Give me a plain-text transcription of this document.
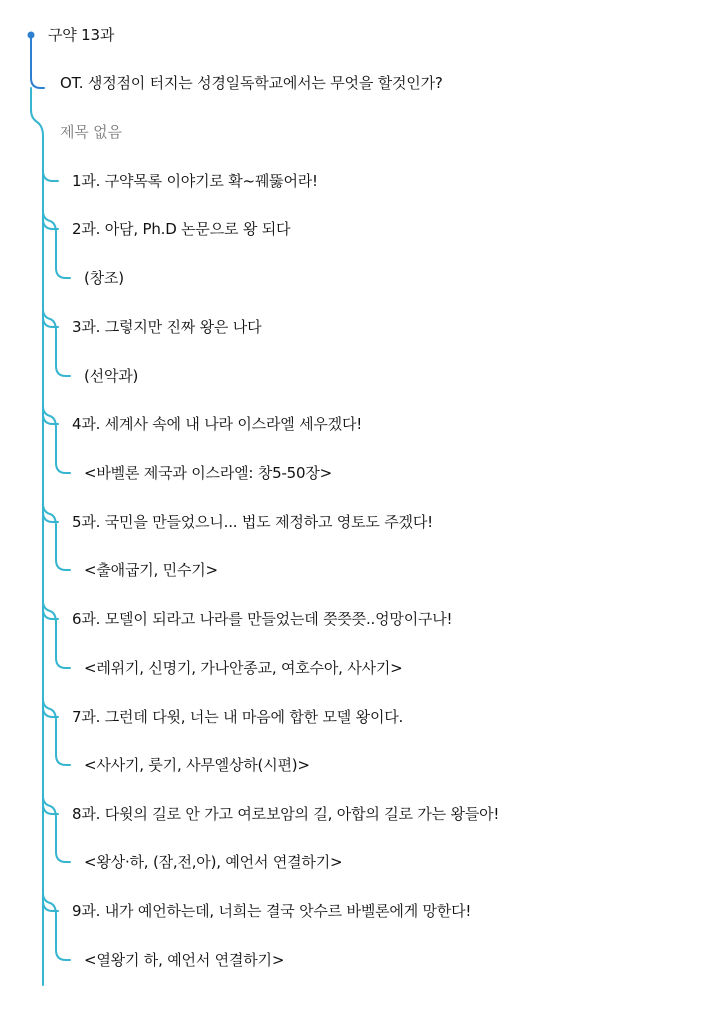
구약 13과
OT. 생정점이 터지는 성경일독학교에서는 무엇을 할것인가?
제목 없음
1과. 구약목록 이야기로 확~꿰뚫어라!
2과. 아담, Ph.D 논문으로 왕 되다
(창조)
3과. 그렇지만 진짜 왕은 나다
(선악과)
4과. 세계사 속에 내 나라 이스라엘 세우겠다!
<바벨론 제국과 이스라엘: 창5-50장>
5과. 국민을 만들었으니... 법도 제정하고 영토도 주겠다!
<출애굽기, 민수기>
6과. 모델이 되라고 나라를 만들었는데 쯧쯧쯧..엉망이구나!
<레위기, 신명기, 가나안종교, 여호수아, 사사기>
7과. 그런데 다윗, 너는 내 마음에 합한 모델 왕이다.
<사사기, 룻기, 사무엘상하(시편)>
8과. 다윗의 길로 안 가고 여로보암의 길, 아합의 길로 가는 왕들아!
<왕상·하, (잠,전,아), 예언서 연결하기>
9과. 내가 예언하는데, 너희는 결국 앗수르 바벨론에게 망한다!
<열왕기 하, 예언서 연결하기>
